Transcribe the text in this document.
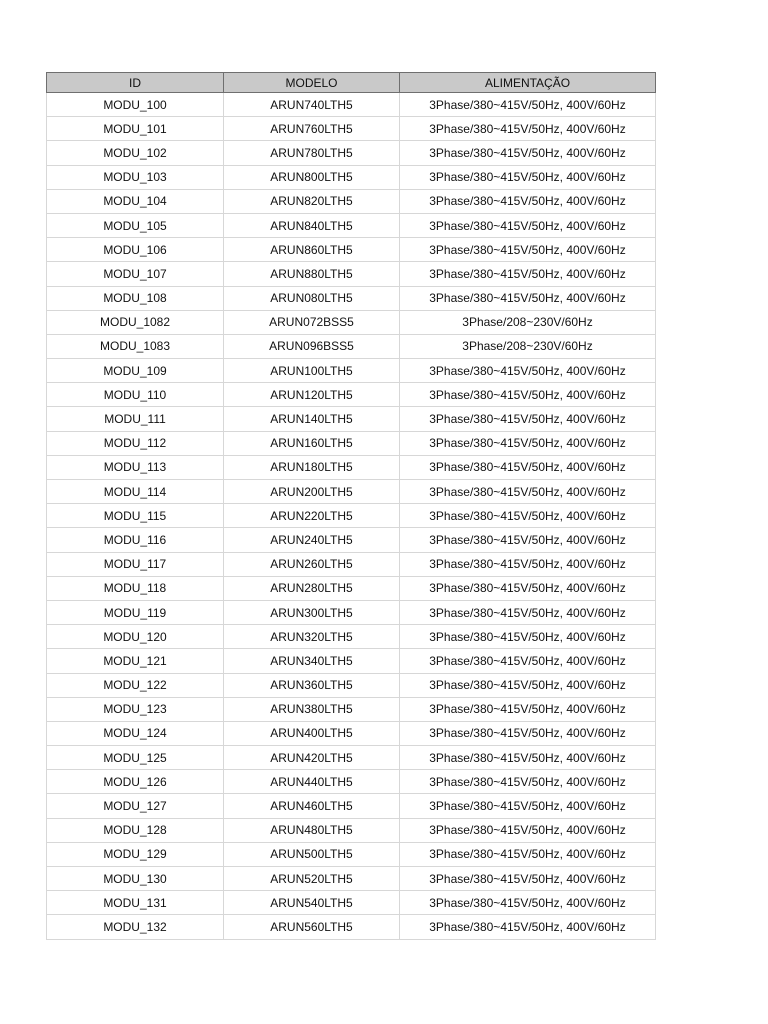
ID	MODELO	ALIMENTAÇÃO
MODU_100	ARUN740LTH5	3Phase/380~415V/50Hz, 400V/60Hz
MODU_101	ARUN760LTH5	3Phase/380~415V/50Hz, 400V/60Hz
MODU_102	ARUN780LTH5	3Phase/380~415V/50Hz, 400V/60Hz
MODU_103	ARUN800LTH5	3Phase/380~415V/50Hz, 400V/60Hz
MODU_104	ARUN820LTH5	3Phase/380~415V/50Hz, 400V/60Hz
MODU_105	ARUN840LTH5	3Phase/380~415V/50Hz, 400V/60Hz
MODU_106	ARUN860LTH5	3Phase/380~415V/50Hz, 400V/60Hz
MODU_107	ARUN880LTH5	3Phase/380~415V/50Hz, 400V/60Hz
MODU_108	ARUN080LTH5	3Phase/380~415V/50Hz, 400V/60Hz
MODU_1082	ARUN072BSS5	3Phase/208~230V/60Hz
MODU_1083	ARUN096BSS5	3Phase/208~230V/60Hz
MODU_109	ARUN100LTH5	3Phase/380~415V/50Hz, 400V/60Hz
MODU_110	ARUN120LTH5	3Phase/380~415V/50Hz, 400V/60Hz
MODU_111	ARUN140LTH5	3Phase/380~415V/50Hz, 400V/60Hz
MODU_112	ARUN160LTH5	3Phase/380~415V/50Hz, 400V/60Hz
MODU_113	ARUN180LTH5	3Phase/380~415V/50Hz, 400V/60Hz
MODU_114	ARUN200LTH5	3Phase/380~415V/50Hz, 400V/60Hz
MODU_115	ARUN220LTH5	3Phase/380~415V/50Hz, 400V/60Hz
MODU_116	ARUN240LTH5	3Phase/380~415V/50Hz, 400V/60Hz
MODU_117	ARUN260LTH5	3Phase/380~415V/50Hz, 400V/60Hz
MODU_118	ARUN280LTH5	3Phase/380~415V/50Hz, 400V/60Hz
MODU_119	ARUN300LTH5	3Phase/380~415V/50Hz, 400V/60Hz
MODU_120	ARUN320LTH5	3Phase/380~415V/50Hz, 400V/60Hz
MODU_121	ARUN340LTH5	3Phase/380~415V/50Hz, 400V/60Hz
MODU_122	ARUN360LTH5	3Phase/380~415V/50Hz, 400V/60Hz
MODU_123	ARUN380LTH5	3Phase/380~415V/50Hz, 400V/60Hz
MODU_124	ARUN400LTH5	3Phase/380~415V/50Hz, 400V/60Hz
MODU_125	ARUN420LTH5	3Phase/380~415V/50Hz, 400V/60Hz
MODU_126	ARUN440LTH5	3Phase/380~415V/50Hz, 400V/60Hz
MODU_127	ARUN460LTH5	3Phase/380~415V/50Hz, 400V/60Hz
MODU_128	ARUN480LTH5	3Phase/380~415V/50Hz, 400V/60Hz
MODU_129	ARUN500LTH5	3Phase/380~415V/50Hz, 400V/60Hz
MODU_130	ARUN520LTH5	3Phase/380~415V/50Hz, 400V/60Hz
MODU_131	ARUN540LTH5	3Phase/380~415V/50Hz, 400V/60Hz
MODU_132	ARUN560LTH5	3Phase/380~415V/50Hz, 400V/60Hz
